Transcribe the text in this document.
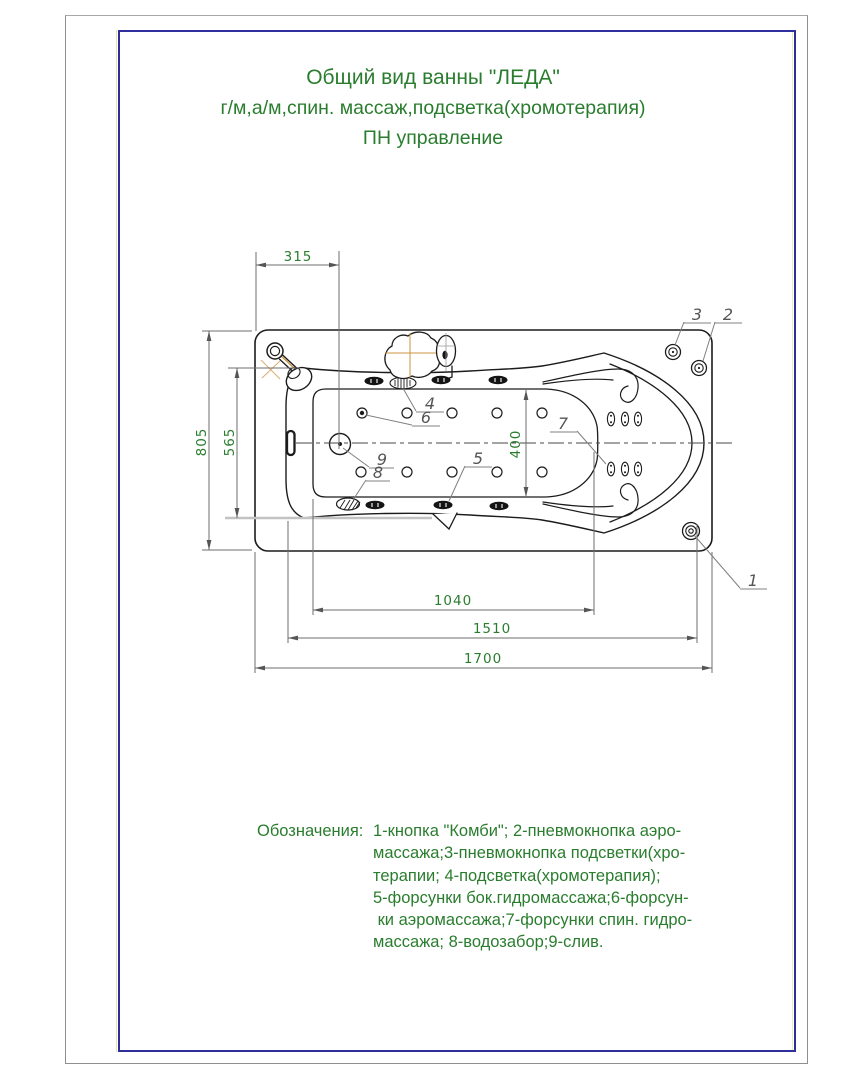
Общий вид ванны "ЛЕДА"
г/м,а/м,спин. массаж,подсветка(хромотерапия)
ПН управление
315
805 565	400
1040
1510
1700
3 2
1
4
6
9
8
5
7
Обозначения: 1-кнопка "Комби"; 2-пневмокнопка аэро-
массажа;3-пневмокнопка подсветки(хро-
терапии; 4-подсветка(хромотерапия);
5-форсунки бок.гидромассажа;6-форсун-
ки аэромассажа;7-форсунки спин. гидро-
массажа; 8-водозабор;9-слив.
